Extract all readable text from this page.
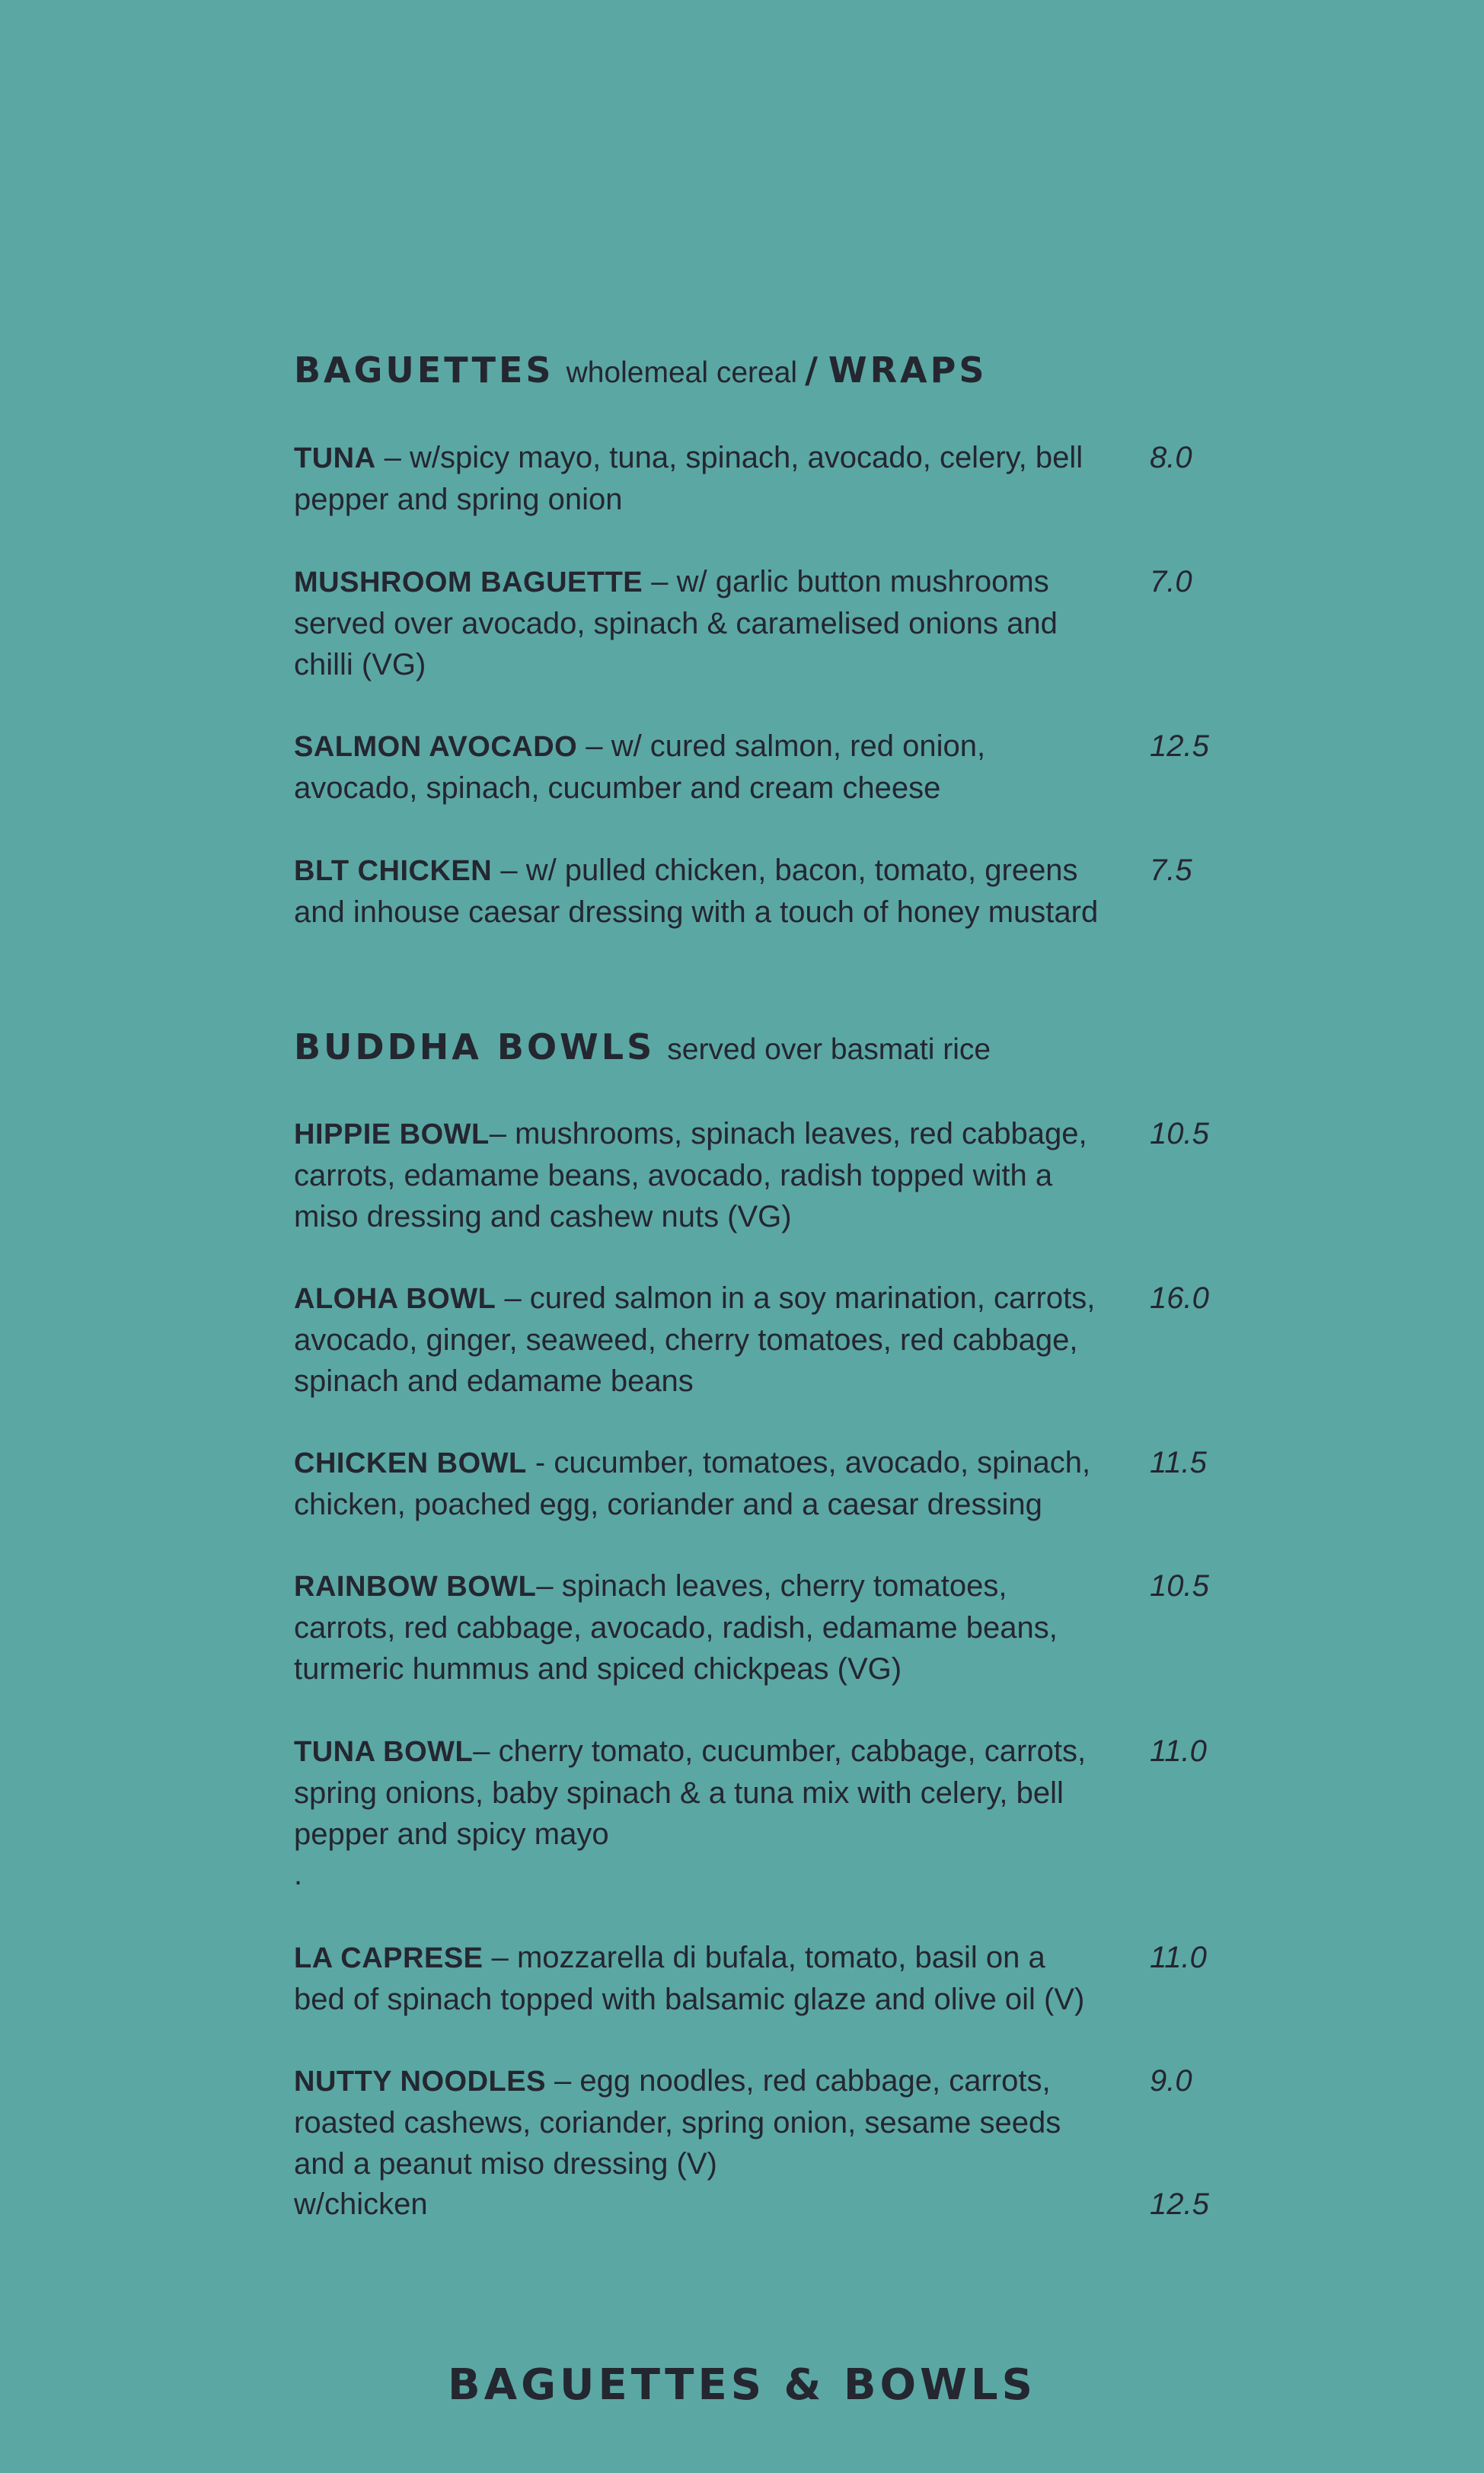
BAGUETTES wholemeal cereal / WRAPS
TUNA – w/spicy mayo, tuna, spinach, avocado, celery, bell pepper and spring onion
8.0
MUSHROOM BAGUETTE – w/ garlic button mushrooms served over avocado, spinach & caramelised onions and chilli (VG)
7.0
SALMON AVOCADO – w/ cured salmon, red onion, avocado, spinach, cucumber and cream cheese
12.5
BLT CHICKEN – w/ pulled chicken, bacon, tomato, greens and inhouse caesar dressing with a touch of honey mustard
7.5
BUDDHA BOWLS served over basmati rice
HIPPIE BOWL– mushrooms, spinach leaves, red cabbage, carrots, edamame beans, avocado, radish topped with a miso dressing and cashew nuts (VG)
10.5
ALOHA BOWL – cured salmon in a soy marination, carrots, avocado, ginger, seaweed, cherry tomatoes, red cabbage, spinach and edamame beans
16.0
CHICKEN BOWL - cucumber, tomatoes, avocado, spinach, chicken, poached egg, coriander and a caesar dressing
11.5
RAINBOW BOWL– spinach leaves, cherry tomatoes, carrots, red cabbage, avocado, radish, edamame beans, turmeric hummus and spiced chickpeas (VG)
10.5
TUNA BOWL– cherry tomato, cucumber, cabbage, carrots, spring onions, baby spinach & a tuna mix with celery, bell pepper and spicy mayo
11.0
.
LA CAPRESE – mozzarella di bufala, tomato, basil on a bed of spinach topped with balsamic glaze and olive oil (V)
11.0
NUTTY NOODLES – egg noodles, red cabbage, carrots, roasted cashews, coriander, spring onion, sesame seeds and a peanut miso dressing (V)
9.0
w/chicken	12.5
BAGUETTES & BOWLS
